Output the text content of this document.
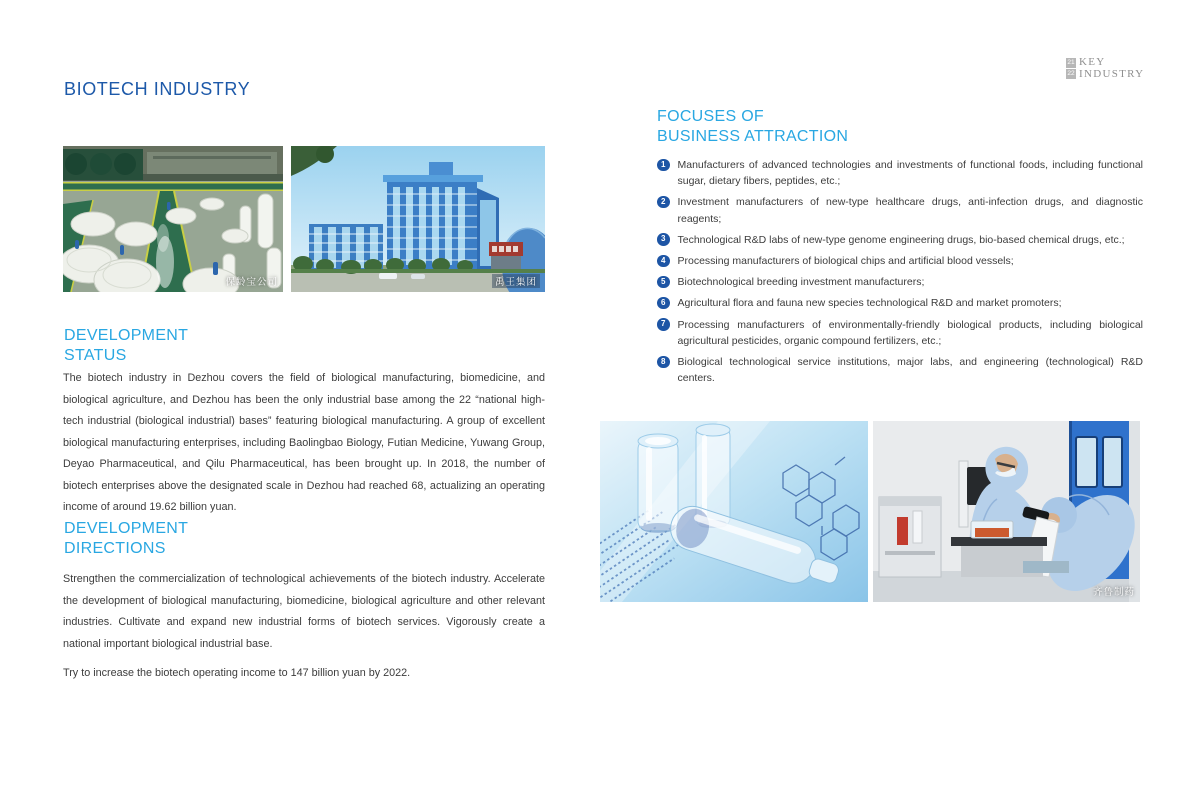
BIOTECH INDUSTRY
21
22
KEY
INDUSTRY
保龄宝公司	禹王集团
DEVELOPMENT
STATUS
The biotech industry in Dezhou covers the field of biological manufacturing, biomedicine, and biological agriculture, and Dezhou has been the only industrial base among the 22 “national high-tech industrial (biological industrial) bases” featuring biological manufacturing. A group of excellent biological manufacturing enterprises, including Baolingbao Biology, Futian Medicine, Yuwang Group, Deyao Pharmaceutical, and Qilu Pharmaceutical, has been brought up. In 2018, the number of biotech enterprises above the designated scale in Dezhou had reached 68, actualizing an operating income of around 19.62 billion yuan.
DEVELOPMENT
DIRECTIONS

Strengthen the commercialization of technological achievements of the biotech industry. Accelerate the development of biological manufacturing, biomedicine, biological agriculture and other relevant industries. Cultivate and expand new industrial forms of biotech services. Vigorously create a national important biological industrial base.

Try to increase the biotech operating income to 147 billion yuan by 2022.

FOCUSES OF
BUSINESS ATTRACTION
1	Manufacturers of advanced technologies and investments of functional foods, including functional sugar, dietary fibers, peptides, etc.;
2	Investment manufacturers of new-type healthcare drugs, anti-infection drugs, and diagnostic reagents;
3	Technological R&D labs of new-type genome engineering drugs, bio-based chemical drugs, etc.;
4	Processing manufacturers of biological chips and artificial blood vessels;
5	Biotechnological breeding investment manufacturers;
6	Agricultural flora and fauna new species technological R&D and market promoters;
7	Processing manufacturers of environmentally-friendly biological products, including biological agricultural pesticides, organic compound fertilizers, etc.;
8	Biological technological service institutions, major labs, and engineering (technological) R&D centers.
齐鲁制药
